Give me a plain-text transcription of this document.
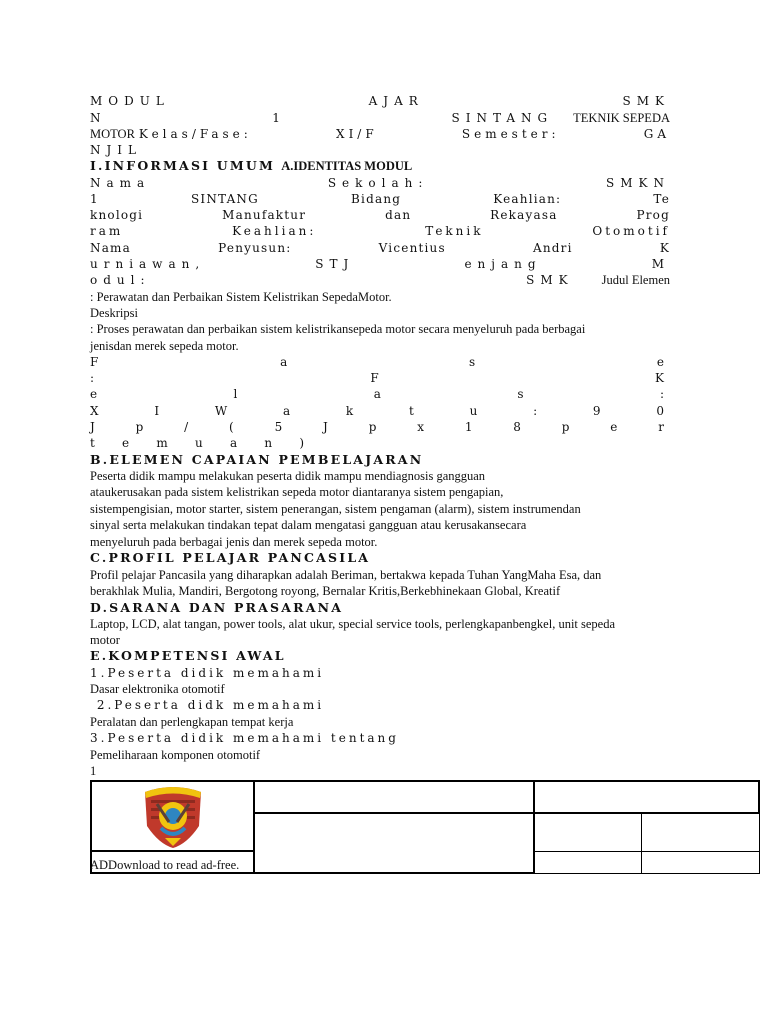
MODUL AJAR SMK
N 1 SINTANG TEKNIK SEPEDA
MOTOR Kelas/Fase: XI/F Semester: GA
NJIL
I.INFORMASI UMUM A.IDENTITAS MODUL
Nama Sekolah: SMKN
1 SINTANG Bidang Keahlian: Te
knologi Manufaktur dan Rekayasa Prog
ram Keahlian: Teknik Otomotif
Nama Penyusun: Vicentius Andri K
urniawan, STJ enjang M
odul: SMK Judul Elemen
: Perawatan dan Perbaikan Sistem Kelistrikan SepedaMotor.
Deskripsi
: Proses perawatan dan perbaikan sistem kelistrikansepeda motor secara menyeluruh pada berbagai
jenisdan merek sepeda motor.
F a s e
: F K
e l a s :
X I W a k t u : 9 0
J p / ( 5 J p x 1 8 p e r
t e m u a n )
B.ELEMEN CAPAIAN PEMBELAJARAN
Peserta didik mampu melakukan peserta didik mampu mendiagnosis gangguan
ataukerusakan pada sistem kelistrikan sepeda motor diantaranya sistem pengapian,
sistempengisian, motor starter, sistem penerangan, sistem pengaman (alarm), sistem instrumendan
sinyal serta melakukan tindakan tepat dalam mengatasi gangguan atau kerusakansecara
menyeluruh pada berbagai jenis dan merek sepeda motor.
C.PROFIL PELAJAR PANCASILA
Profil pelajar Pancasila yang diharapkan adalah Beriman, bertakwa kepada Tuhan YangMaha Esa, dan
berakhlak Mulia, Mandiri, Bergotong royong, Bernalar Kritis,Berkebhinekaan Global, Kreatif
D.SARANA DAN PRASARANA
Laptop, LCD, alat tangan, power tools, alat ukur, special service tools, perlengkapanbengkel, unit sepeda
motor
E.KOMPETENSI AWAL
1.Peserta didik memahami
Dasar elektronika otomotif
2.Peserta didk memahami
Peralatan dan perlengkapan tempat kerja
3.Peserta didik memahami tentang
Pemeliharaan komponen otomotif
1

ADDownload to read ad-free.
